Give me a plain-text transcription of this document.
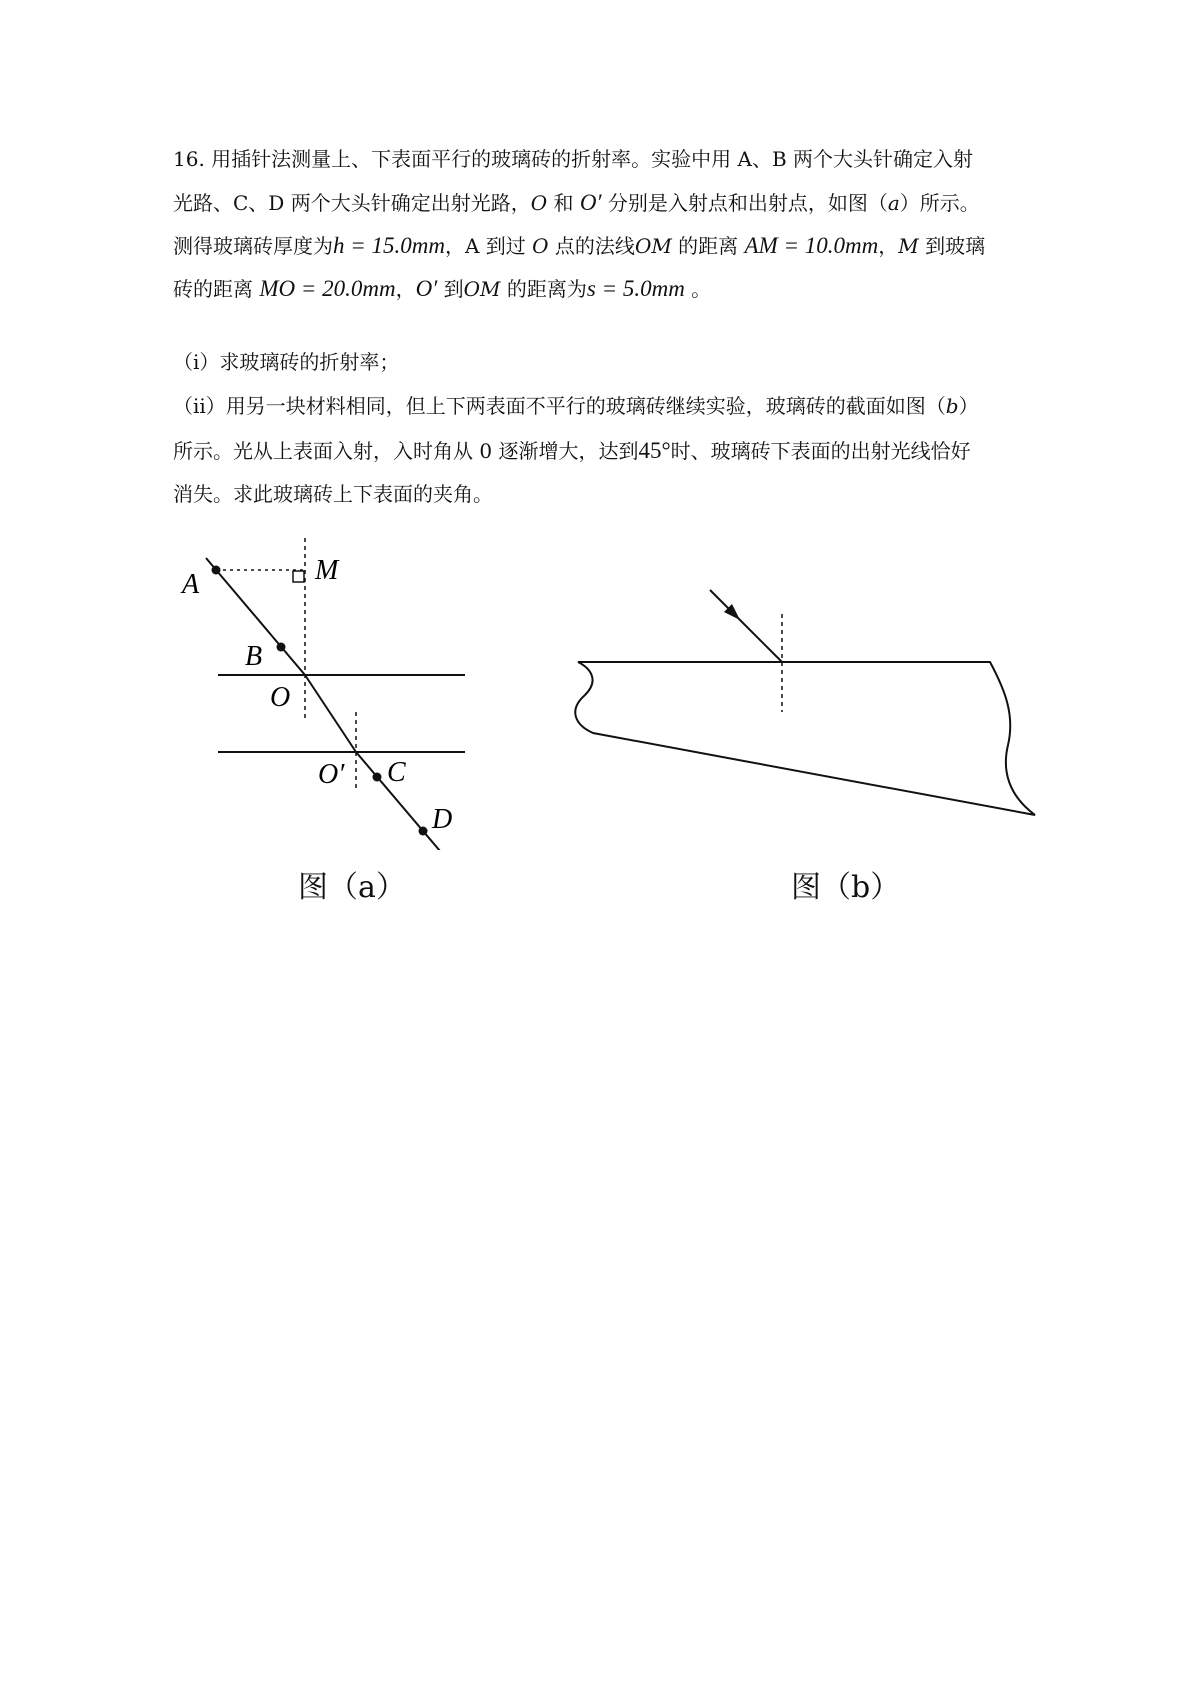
16. 用插针法测量上、下表面平行的玻璃砖的折射率。实验中用 A、B 两个大头针确定入射
光路、C、D 两个大头针确定出射光路，O 和 O′ 分别是入射点和出射点，如图（a）所示。
测得玻璃砖厚度为h = 15.0mm，A 到过 O 点的法线OM 的距离 AM = 10.0mm，M 到玻璃
砖的距离 MO = 20.0mm，O′ 到OM 的距离为s = 5.0mm 。
（i）求玻璃砖的折射率；
（ii）用另一块材料相同，但上下两表面不平行的玻璃砖继续实验，玻璃砖的截面如图（b）
所示。光从上表面入射，入时角从 0 逐渐增大，达到45°时、玻璃砖下表面的出射光线恰好
消失。求此玻璃砖上下表面的夹角。
A	M
B
O
O′ C
D
图（a）	图（b）
